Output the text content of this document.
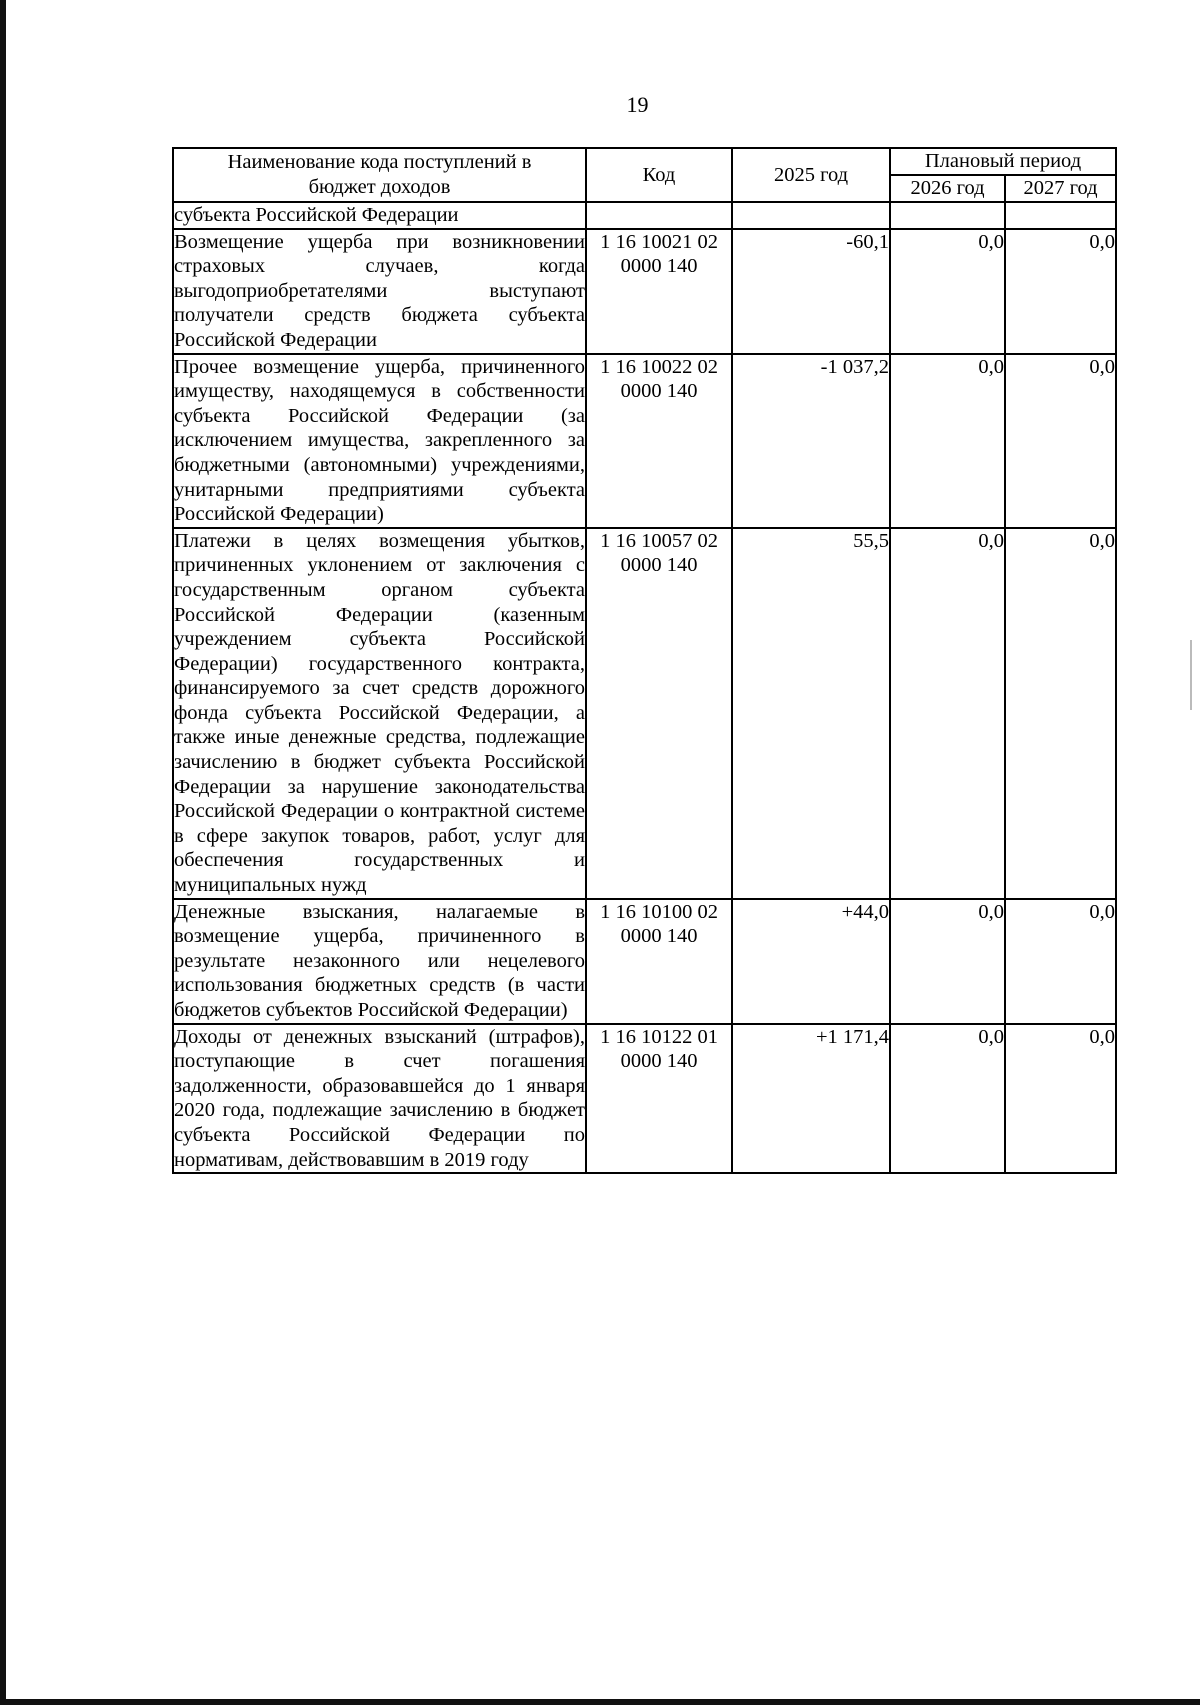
19
Наименование кода поступлений в
бюджет доходов	Код	2025 год	Плановый период	
			2026 год	2027 год
субъекта Российской Федерации				

Возмещение ущерба при возникновении страховых случаев, когда выгодоприобретателями выступают получатели средств бюджета субъекта Российской Федерации	1 16 10021 02 0000 140	-60,1	0,0	0,0

Прочее возмещение ущерба, причиненного имуществу, находящемуся в собственности субъекта Российской Федерации (за исключением имущества, закрепленного за бюджетными (автономными) учреждениями, унитарными предприятиями субъекта Российской Федерации)	1 16 10022 02 0000 140	-1 037,2	0,0	0,0

Платежи в целях возмещения убытков, причиненных уклонением от заключения с государственным органом субъекта Российской Федерации (казенным учреждением субъекта Российской Федерации) государственного контракта, финансируемого за счет средств дорожного фонда субъекта Российской Федерации, а также иные денежные средства, подлежащие зачислению в бюджет субъекта Российской Федерации за нарушение законодательства Российской Федерации о контрактной системе в сфере закупок товаров, работ, услуг для обеспечения государственных и муниципальных нужд	1 16 10057 02 0000 140	55,5	0,0	0,0

Денежные взыскания, налагаемые в возмещение ущерба, причиненного в результате незаконного или нецелевого использования бюджетных средств (в части бюджетов субъектов Российской Федерации)	1 16 10100 02 0000 140	+44,0	0,0	0,0

Доходы от денежных взысканий (штрафов), поступающие в счет погашения задолженности, образовавшейся до 1 января 2020 года, подлежащие зачислению в бюджет субъекта Российской Федерации по нормативам, действовавшим в 2019 году	1 16 10122 01 0000 140	+1 171,4	0,0	0,0
